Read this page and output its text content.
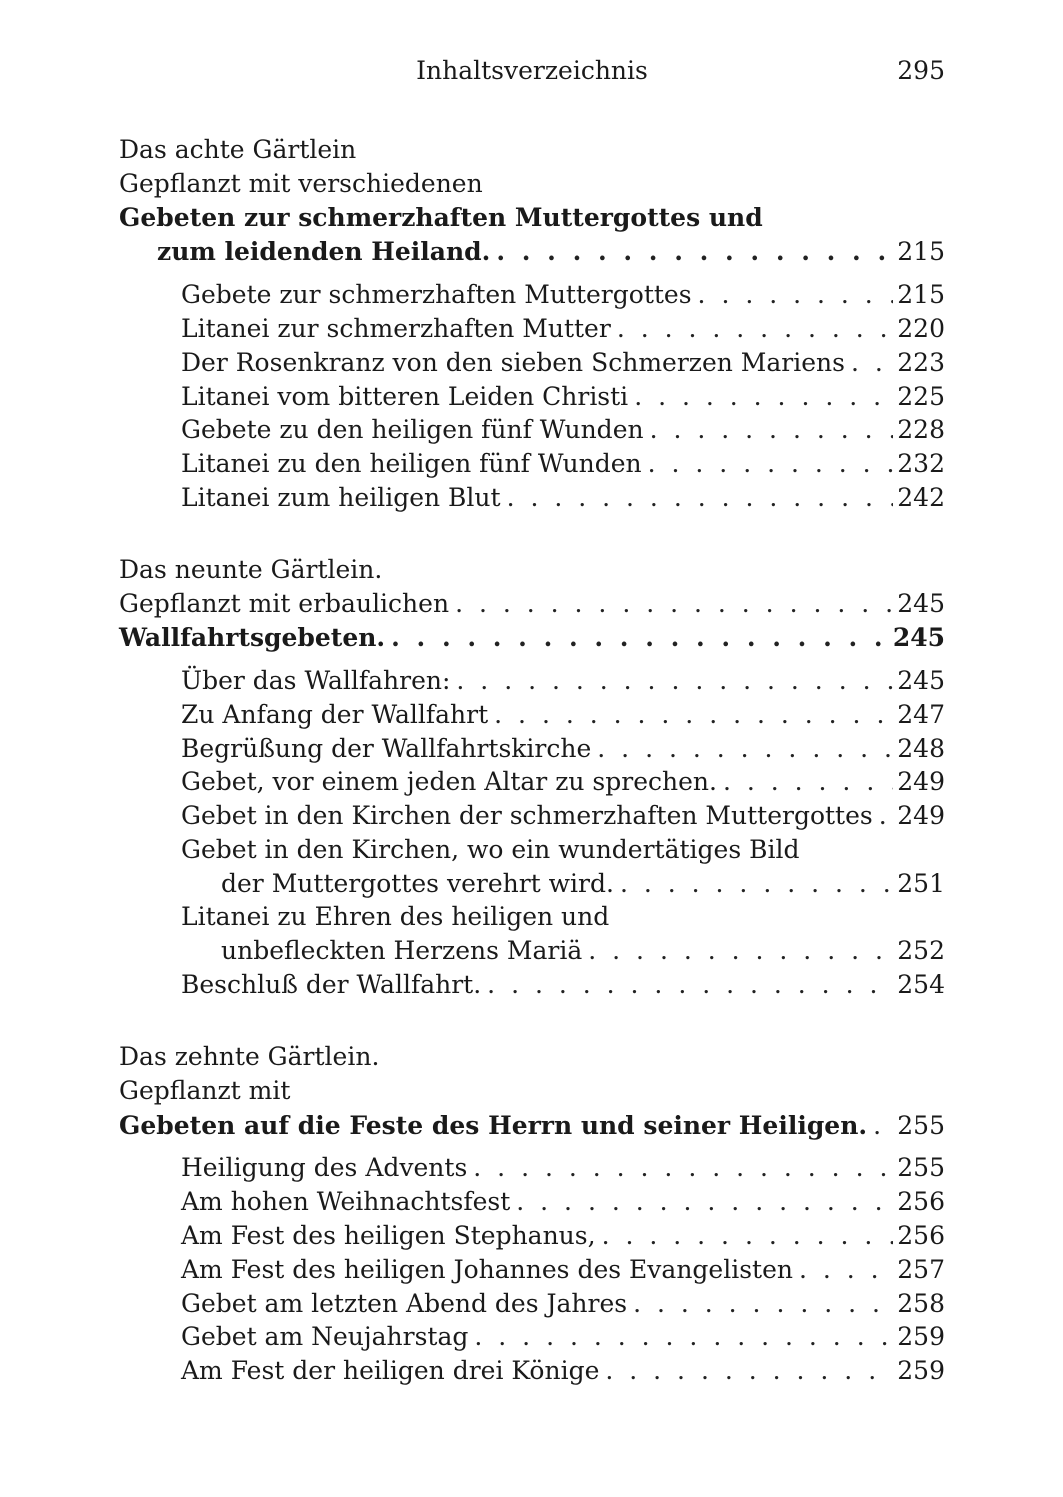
Inhaltsverzeichnis	295
Das achte Gärtlein
Gepflanzt mit verschiedenen
Gebeten zur schmerzhaften Muttergottes und
zum leidenden Heiland. . . .	215
Gebete zur schmerzhaften Muttergottes . . .	215
Litanei zur schmerzhaften Mutter . . .	220
Der Rosenkranz von den sieben Schmerzen Mariens . . . 223
Litanei vom bitteren Leiden Christi . . .	225
Gebete zu den heiligen fünf Wunden . . .	228
Litanei zu den heiligen fünf Wunden . . .	232
Litanei zum heiligen Blut . . .	242
Das neunte Gärtlein.
Gepflanzt mit erbaulichen . . .	245
Wallfahrtsgebeten. . . .	245
Über das Wallfahren: . . .	245
Zu Anfang der Wallfahrt . . .	247
Begrüßung der Wallfahrtskirche . . .	248
Gebet, vor einem jeden Altar zu sprechen. . . .	249
Gebet in den Kirchen der schmerzhaften Muttergottes . . . 249
Gebet in den Kirchen, wo ein wundertätiges Bild
der Muttergottes verehrt wird. . . .	251
Litanei zu Ehren des heiligen und
unbefleckten Herzens Mariä . . .	252
Beschluß der Wallfahrt. . . .	254
Das zehnte Gärtlein.
Gepflanzt mit
Gebeten auf die Feste des Herrn und seiner Heiligen. . . . 255
Heiligung des Advents . . .	255
Am hohen Weihnachtsfest . . .	256
Am Fest des heiligen Stephanus, . . .	256
Am Fest des heiligen Johannes des Evangelisten . . .	257
Gebet am letzten Abend des Jahres . . .	258
Gebet am Neujahrstag . . .	259
Am Fest der heiligen drei Könige . . .	259
